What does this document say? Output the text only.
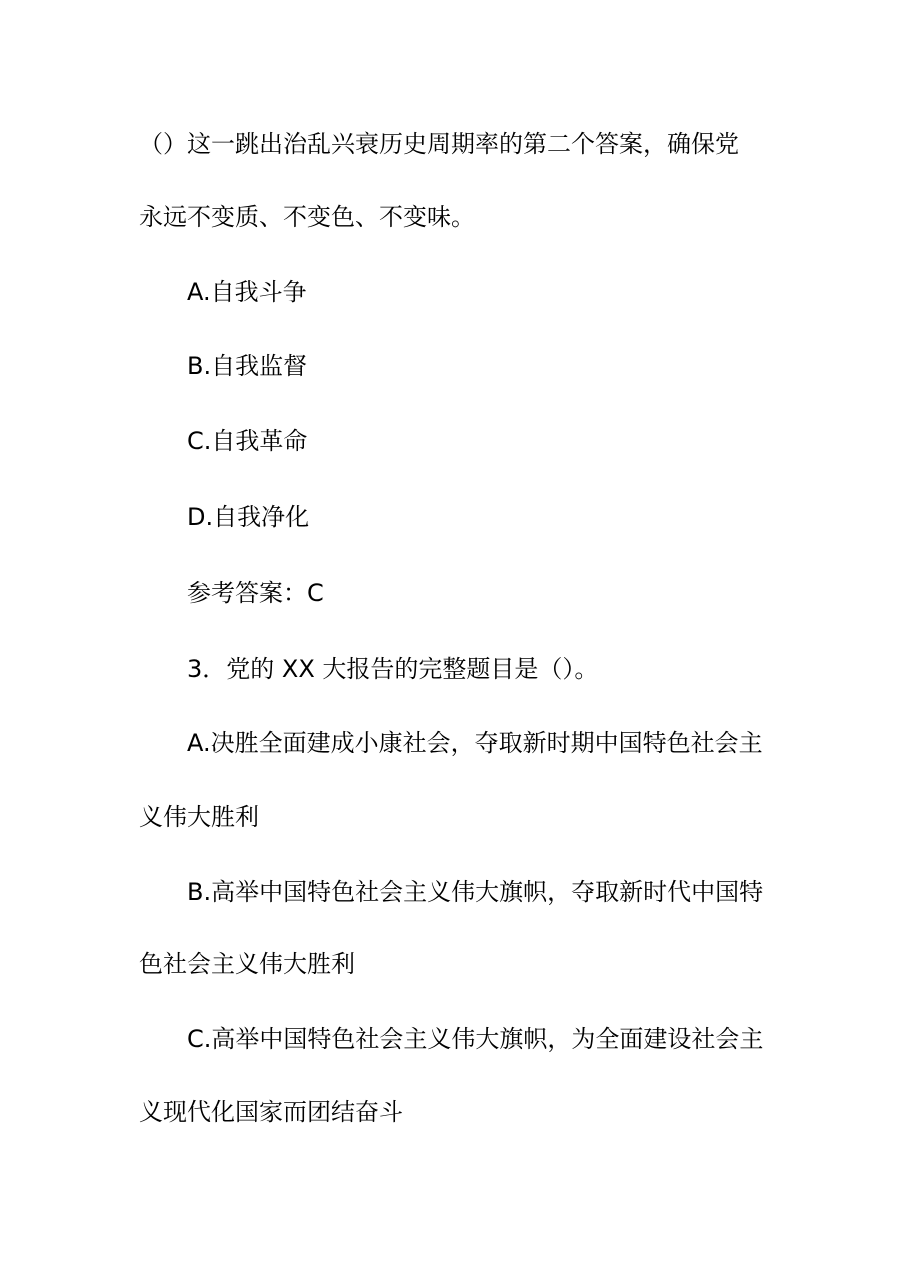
（）这一跳出治乱兴衰历史周期率的第二个答案，确保党
永远不变质、不变色、不变味。
A.自我斗争
B.自我监督
C.自我革命
D.自我净化
参考答案：C
3．党的 XX 大报告的完整题目是（）。
A.决胜全面建成小康社会，夺取新时期中国特色社会主
义伟大胜利
B.高举中国特色社会主义伟大旗帜，夺取新时代中国特
色社会主义伟大胜利
C.高举中国特色社会主义伟大旗帜，为全面建设社会主
义现代化国家而团结奋斗
